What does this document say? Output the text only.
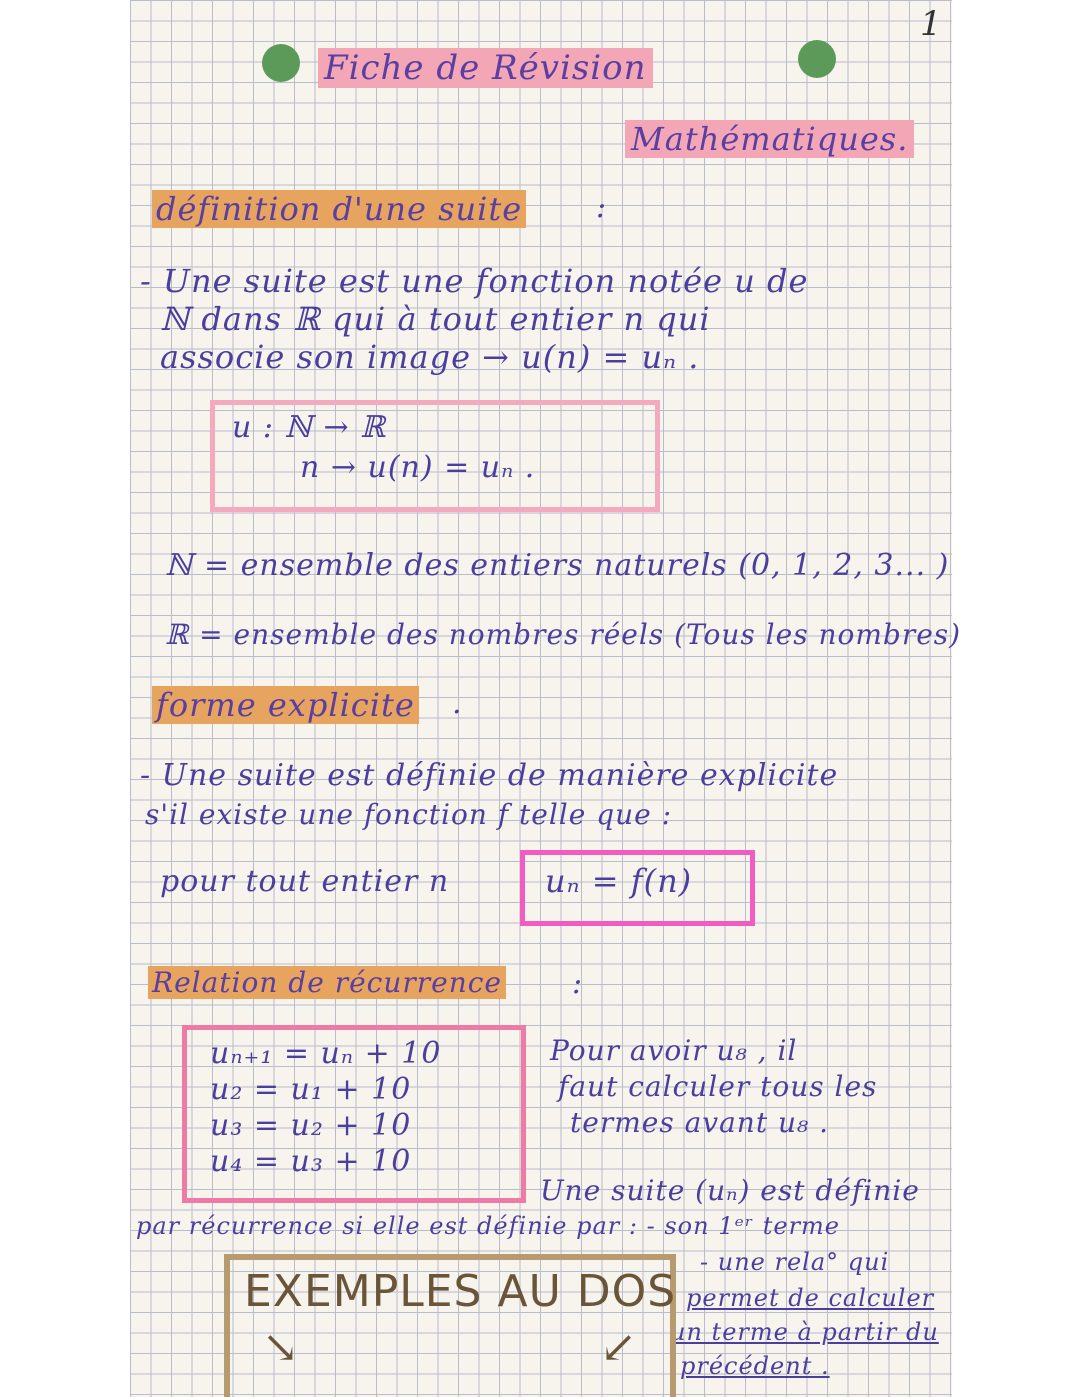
1
Fiche de Révision
Mathématiques.
définition d'une suite :
- Une suite est une fonction notée u de
ℕ dans ℝ qui à tout entier n qui
associe son image → u(n) = uₙ .
u : ℕ → ℝ
n → u(n) = uₙ .
ℕ = ensemble des entiers naturels (0, 1, 2, 3... )
ℝ = ensemble des nombres réels (Tous les nombres)
forme explicite .
- Une suite est définie de manière explicite
s'il existe une fonction f telle que :
pour tout entier n	uₙ = f(n)
Relation de récurrence :
uₙ₊₁ = uₙ + 10
u₂ = u₁ + 10
u₃ = u₂ + 10
u₄ = u₃ + 10
Pour avoir u₈ , il
faut calculer tous les
termes avant u₈ .
Une suite (uₙ) est définie
par récurrence si elle est définie par : - son 1ᵉʳ terme
- une rela° qui
permet de calculer
un terme à partir du
précédent .
EXEMPLES AU DOS
↘	↙
